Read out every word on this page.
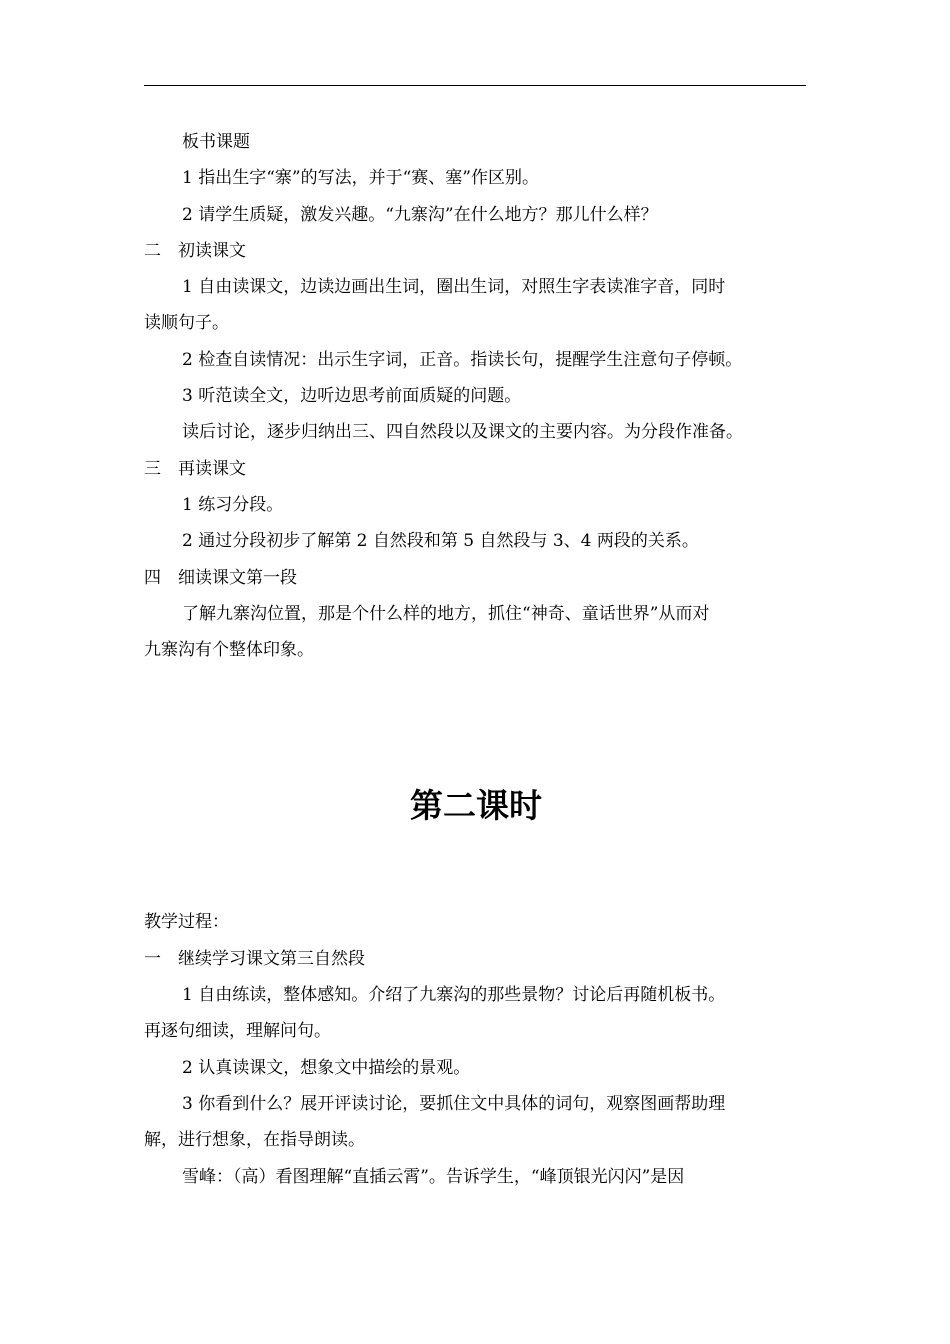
板书课题

1 指出生字“寨”的写法，并于“赛、塞”作区别。

2 请学生质疑，激发兴趣。“九寨沟”在什么地方？那儿什么样？

二　初读课文

1 自由读课文，边读边画出生词，圈出生词，对照生字表读准字音，同时

读顺句子。

2 检查自读情况：出示生字词，正音。指读长句，提醒学生注意句子停顿。

3 听范读全文，边听边思考前面质疑的问题。

读后讨论，逐步归纳出三、四自然段以及课文的主要内容。为分段作准备。

三　再读课文

1 练习分段。

2 通过分段初步了解第 2 自然段和第 5 自然段与 3、4 两段的关系。

四　细读课文第一段

了解九寨沟位置，那是个什么样的地方，抓住“神奇、童话世界”从而对

九寨沟有个整体印象。

第二课时

教学过程：

一　继续学习课文第三自然段

1 自由练读，整体感知。介绍了九寨沟的那些景物？讨论后再随机板书。

再逐句细读，理解问句。

2 认真读课文，想象文中描绘的景观。

3 你看到什么？展开评读讨论，要抓住文中具体的词句，观察图画帮助理

解，进行想象，在指导朗读。

雪峰：（高）看图理解“直插云霄”。告诉学生，“峰顶银光闪闪”是因
